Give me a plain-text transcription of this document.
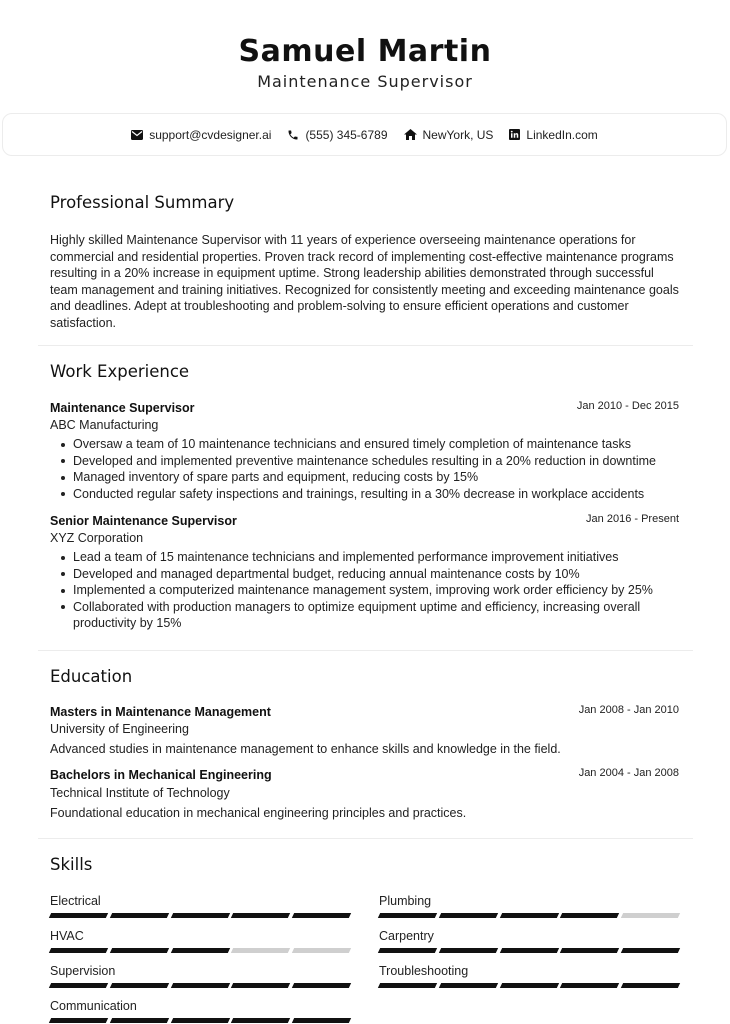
Samuel Martin
Maintenance Supervisor
support@cvdesigner.ai	(555) 345-6789	NewYork, US	LinkedIn.com
Professional Summary

Highly skilled Maintenance Supervisor with 11 years of experience overseeing maintenance operations for commercial and residential properties. Proven track record of implementing cost-effective maintenance programs resulting in a 20% increase in equipment uptime. Strong leadership abilities demonstrated through successful team management and training initiatives. Recognized for consistently meeting and exceeding maintenance goals and deadlines. Adept at troubleshooting and problem-solving to ensure efficient operations and customer satisfaction.

Work Experience
Maintenance Supervisor	Jan 2010 - Dec 2015
ABC Manufacturing
Oversaw a team of 10 maintenance technicians and ensured timely completion of maintenance tasks
Developed and implemented preventive maintenance schedules resulting in a 20% reduction in downtime
Managed inventory of spare parts and equipment, reducing costs by 15%
Conducted regular safety inspections and trainings, resulting in a 30% decrease in workplace accidents
Senior Maintenance Supervisor	Jan 2016 - Present
XYZ Corporation
Lead a team of 15 maintenance technicians and implemented performance improvement initiatives
Developed and managed departmental budget, reducing annual maintenance costs by 10%
Implemented a computerized maintenance management system, improving work order efficiency by 25%
Collaborated with production managers to optimize equipment uptime and efficiency, increasing overall productivity by 15%
Education
Masters in Maintenance Management	Jan 2008 - Jan 2010
University of Engineering
Advanced studies in maintenance management to enhance skills and knowledge in the field.
Bachelors in Mechanical Engineering	Jan 2004 - Jan 2008
Technical Institute of Technology
Foundational education in mechanical engineering principles and practices.
Skills
Electrical	Plumbing
HVAC	Carpentry
Supervision	Troubleshooting
Communication
